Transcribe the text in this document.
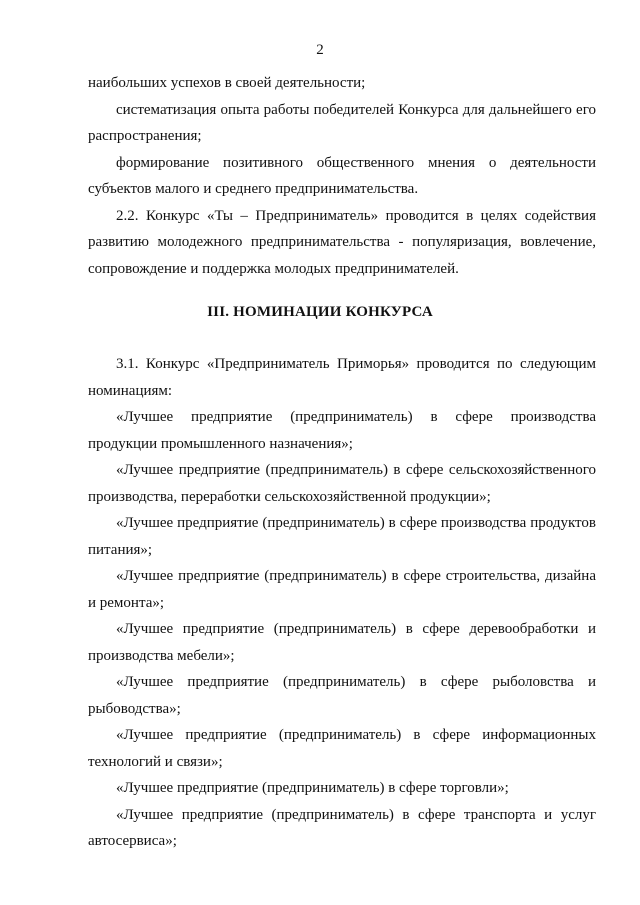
2

наибольших успехов в своей деятельности;

систематизация опыта работы победителей Конкурса для дальнейшего его распространения;

формирование позитивного общественного мнения о деятельности субъектов малого и среднего предпринимательства.

2.2. Конкурс «Ты – Предприниматель» проводится в целях содействия развитию молодежного предпринимательства - популяризация, вовлечение, сопровождение и поддержка молодых предпринимателей.

III. НОМИНАЦИИ КОНКУРСА

3.1. Конкурс «Предприниматель Приморья» проводится по следующим номинациям:

«Лучшее предприятие (предприниматель) в сфере производства продукции промышленного назначения»;

«Лучшее предприятие (предприниматель) в сфере сельскохозяйственного производства, переработки сельскохозяйственной продукции»;

«Лучшее предприятие (предприниматель) в сфере производства продуктов питания»;

«Лучшее предприятие (предприниматель) в сфере строительства, дизайна и ремонта»;

«Лучшее предприятие (предприниматель) в сфере деревообработки и производства мебели»;

«Лучшее предприятие (предприниматель) в сфере рыболовства и рыбоводства»;

«Лучшее предприятие (предприниматель) в сфере информационных технологий и связи»;

«Лучшее предприятие (предприниматель) в сфере торговли»;

«Лучшее предприятие (предприниматель) в сфере транспорта и услуг автосервиса»;
